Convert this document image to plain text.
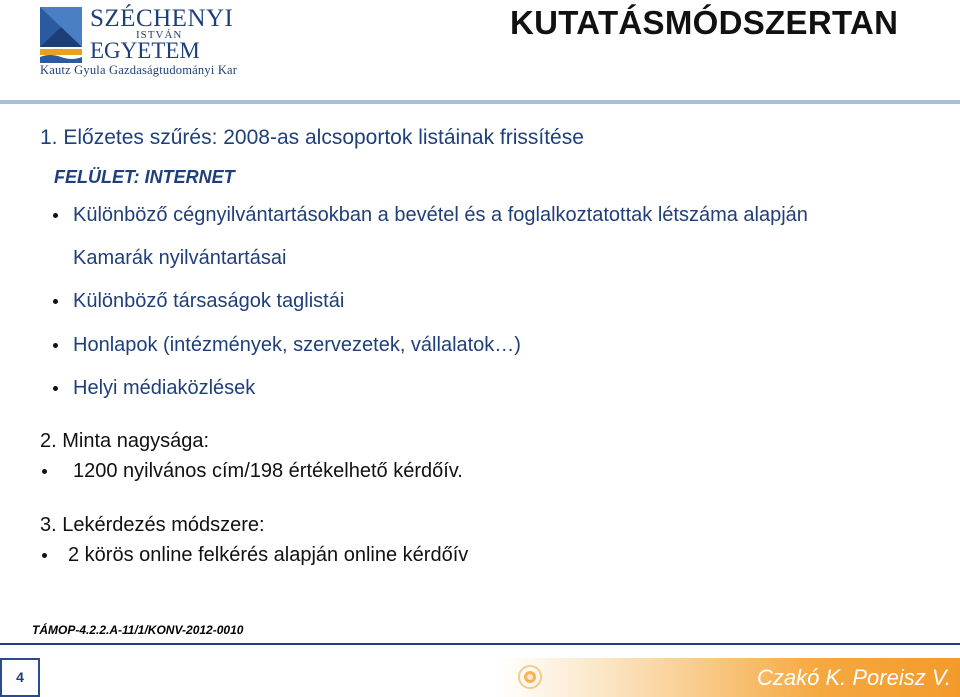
SZÉCHENYI
ISTVÁN
EGYETEM
Kautz Gyula Gazdaságtudományi Kar
KUTATÁSMÓDSZERTAN
1. Előzetes szűrés: 2008-as alcsoportok listáinak frissítése
FELÜLET: INTERNET
Különböző cégnyilvántartásokban a bevétel és a foglalkoztatottak létszáma alapján
Kamarák nyilvántartásai
Különböző társaságok taglistái
Honlapok (intézmények, szervezetek, vállalatok…)
Helyi médiaközlések
2. Minta nagysága:
1200 nyilvános cím/198 értékelhető kérdőív.
3. Lekérdezés módszere:
2 körös online felkérés alapján online kérdőív
TÁMOP-4.2.2.A-11/1/KONV-2012-0010
4	Czakó K. Poreisz V.
